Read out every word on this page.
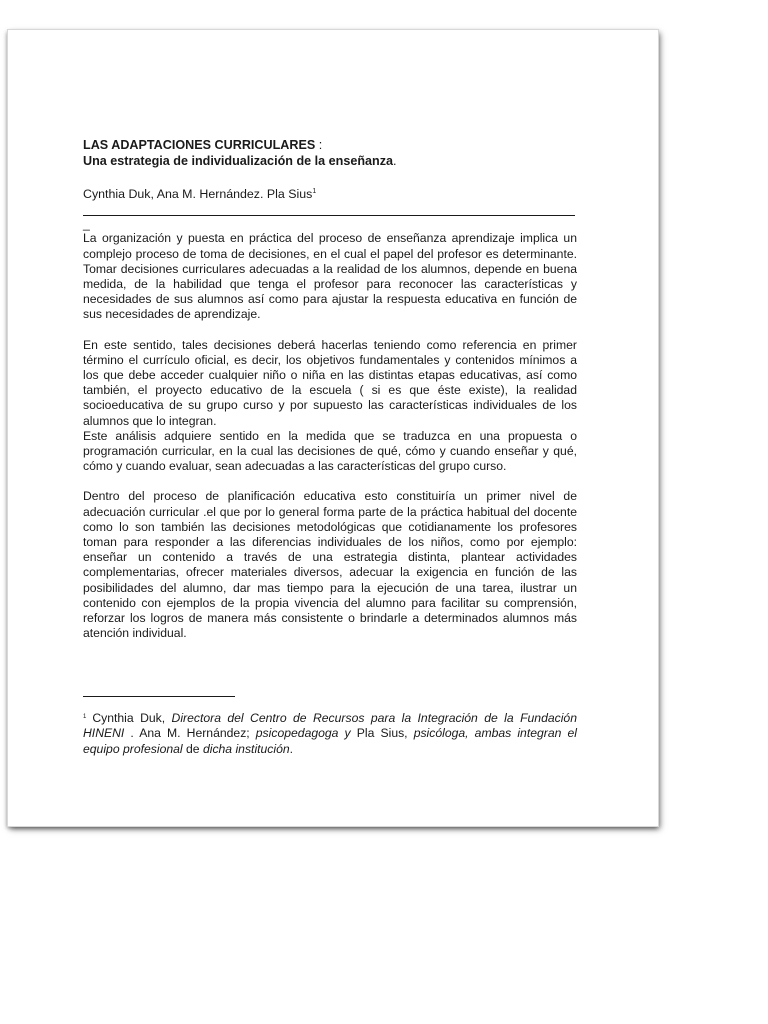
LAS ADAPTACIONES CURRICULARES :

Una estrategia de individualización de la enseñanza.

Cynthia Duk, Ana M. Hernández. Pla Sius$^1$
_

La organización y puesta en práctica del proceso de enseñanza aprendizaje implica un complejo proceso de toma de decisiones, en el cual el papel del profesor es determinante. Tomar decisiones curriculares adecuadas a la realidad de los alumnos, depende en buena medida, de la habilidad que tenga el profesor para reconocer las características y necesidades de sus alumnos así como para ajustar la respuesta educativa en función de sus necesidades de aprendizaje.

En este sentido, tales decisiones deberá hacerlas teniendo como referencia en primer término el currículo oficial, es decir, los objetivos fundamentales y contenidos mínimos a los que debe acceder cualquier niño o niña en las distintas etapas educativas, así como también, el proyecto educativo de la escuela ( si es que éste existe), la realidad socioeducativa de su grupo curso y por supuesto las características individuales de los alumnos que lo integran.

Este análisis adquiere sentido en la medida que se traduzca en una propuesta o programación curricular, en la cual las decisiones de qué, cómo y cuando enseñar y qué, cómo y cuando evaluar, sean adecuadas a las características del grupo curso.

Dentro del proceso de planificación educativa esto constituiría un primer nivel de adecuación curricular .el que por lo general forma parte de la práctica habitual del docente como lo son también las decisiones metodológicas que cotidianamente los profesores toman para responder a las diferencias individuales de los niños, como por ejemplo: enseñar un contenido a través de una estrategia distinta, plantear actividades complementarias, ofrecer materiales diversos, adecuar la exigencia en función de las posibilidades del alumno, dar mas tiempo para la ejecución de una tarea, ilustrar un contenido con ejemplos de la propia vivencia del alumno para facilitar su comprensión, reforzar los logros de manera más consistente o brindarle a determinados alumnos más atención individual.

$^1$ Cynthia Duk, Directora del Centro de Recursos para la Integración de la Fundación HINENI . Ana M. Hernández; psicopedagoga y Pla Sius, psicóloga, ambas integran el equipo profesional de dicha institución.
